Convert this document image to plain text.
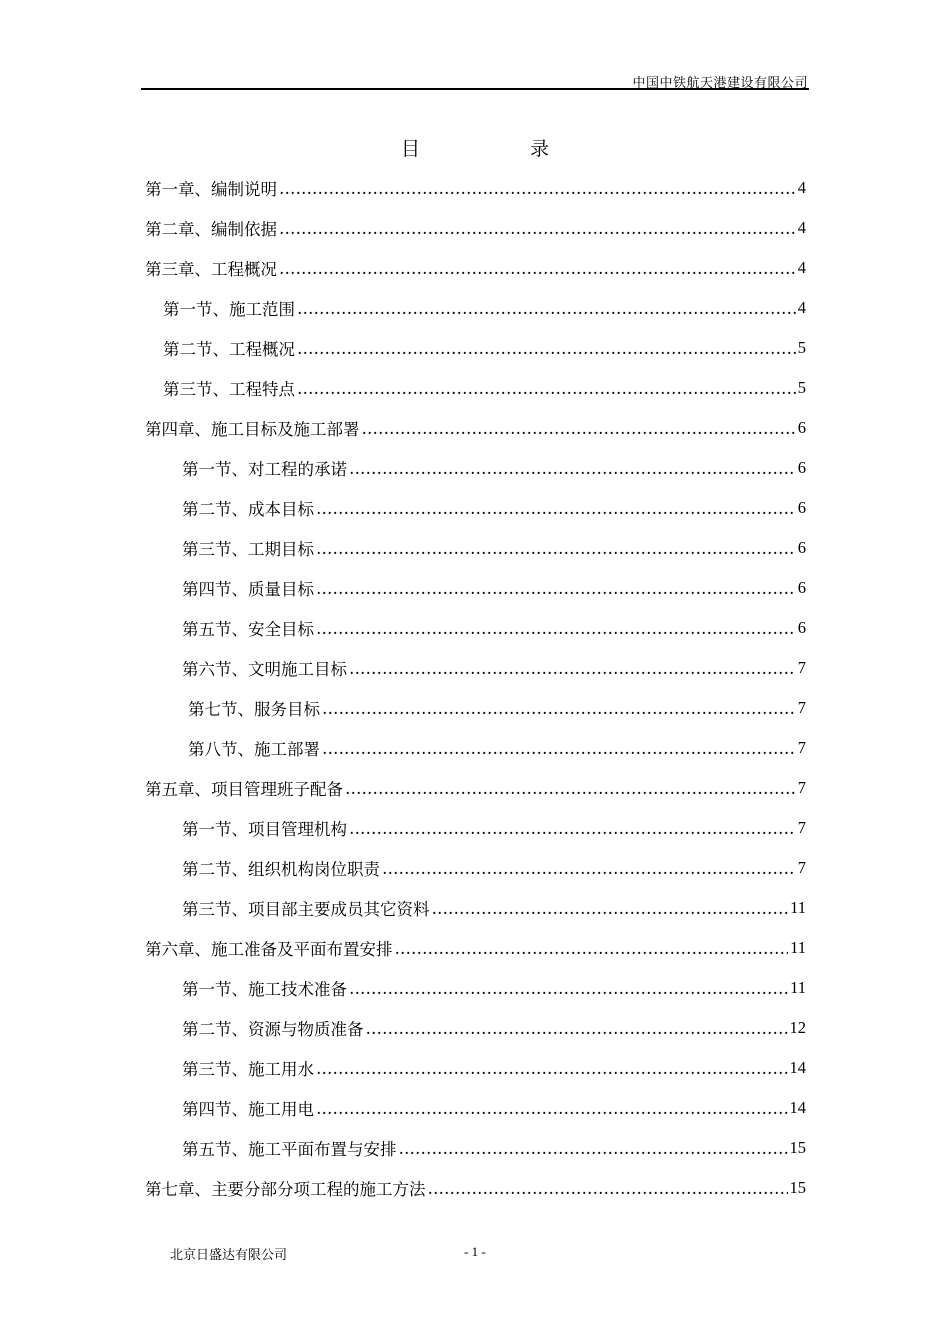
中国中铁航天港建设有限公司
目	录
第一章、编制说明 ……………………………………………………………………………………………………………………………………………………………………………………………………	4
第二章、编制依据 ……………………………………………………………………………………………………………………………………………………………………………………………………	4
第三章、工程概况 ……………………………………………………………………………………………………………………………………………………………………………………………………	4
第一节、施工范围 ……………………………………………………………………………………………………………………………………………………………………………………………………	4
第二节、工程概况 ……………………………………………………………………………………………………………………………………………………………………………………………………	5
第三节、工程特点 ……………………………………………………………………………………………………………………………………………………………………………………………………	5
第四章、施工目标及施工部署 ……………………………………………………………………………………………………………………………………………………………………………………………………	6
第一节、对工程的承诺 ……………………………………………………………………………………………………………………………………………………………………………………………………	6
第二节、成本目标 ……………………………………………………………………………………………………………………………………………………………………………………………………	6
第三节、工期目标 ……………………………………………………………………………………………………………………………………………………………………………………………………	6
第四节、质量目标 ……………………………………………………………………………………………………………………………………………………………………………………………………	6
第五节、安全目标 ……………………………………………………………………………………………………………………………………………………………………………………………………	6
第六节、文明施工目标 ……………………………………………………………………………………………………………………………………………………………………………………………………	7
第七节、服务目标 ……………………………………………………………………………………………………………………………………………………………………………………………………	7
第八节、施工部署 ……………………………………………………………………………………………………………………………………………………………………………………………………	7
第五章、项目管理班子配备 ……………………………………………………………………………………………………………………………………………………………………………………………………	7
第一节、项目管理机构 ……………………………………………………………………………………………………………………………………………………………………………………………………	7
第二节、组织机构岗位职责 ……………………………………………………………………………………………………………………………………………………………………………………………………	7
第三节、项目部主要成员其它资料 ……………………………………………………………………………………………………………………………………………………………………………………………………	11
第六章、施工准备及平面布置安排 ……………………………………………………………………………………………………………………………………………………………………………………………………	11
第一节、施工技术准备 ……………………………………………………………………………………………………………………………………………………………………………………………………	11
第二节、资源与物质准备 ……………………………………………………………………………………………………………………………………………………………………………………………………	12
第三节、施工用水 ……………………………………………………………………………………………………………………………………………………………………………………………………	14
第四节、施工用电 ……………………………………………………………………………………………………………………………………………………………………………………………………	14
第五节、施工平面布置与安排 ……………………………………………………………………………………………………………………………………………………………………………………………………	15
第七章、主要分部分项工程的施工方法 ……………………………………………………………………………………………………………………………………………………………………………………………………	15
北京日盛达有限公司	- 1 -
